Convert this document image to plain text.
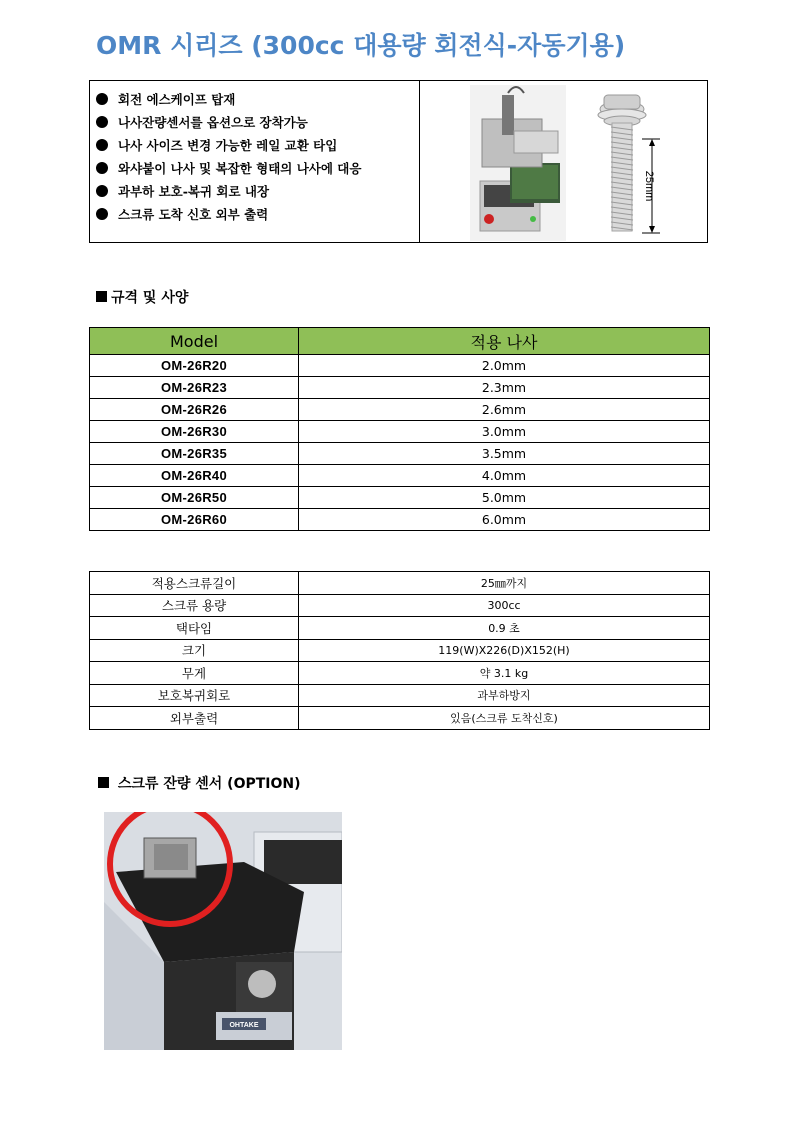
OMR 시리즈 (300cc 대용량 회전식-자동기용)
회전 에스케이프 탑재
나사잔량센서를 옵션으로 장착가능
나사 사이즈 변경 가능한 레일 교환 타입
와샤붙이 나사 및 복잡한 형태의 나사에 대응
과부하 보호-복귀 회로 내장
스크류 도착 신호 외부 출력
25mm
규격 및 사양
Model	적용 나사
OM-26R20	2.0mm
OM-26R23	2.3mm
OM-26R26	2.6mm
OM-26R30	3.0mm
OM-26R35	3.5mm
OM-26R40	4.0mm
OM-26R50	5.0mm
OM-26R60	6.0mm
적용스크류길이	25㎜까지
스크류 용량	300cc
택타임	0.9 초
크기	119(W)X226(D)X152(H)
무게	약 3.1 kg
보호복귀회로	과부하방지
외부출력	있음(스크류 도착신호)
스크류 잔량 센서 (OPTION)
OHTAKE
